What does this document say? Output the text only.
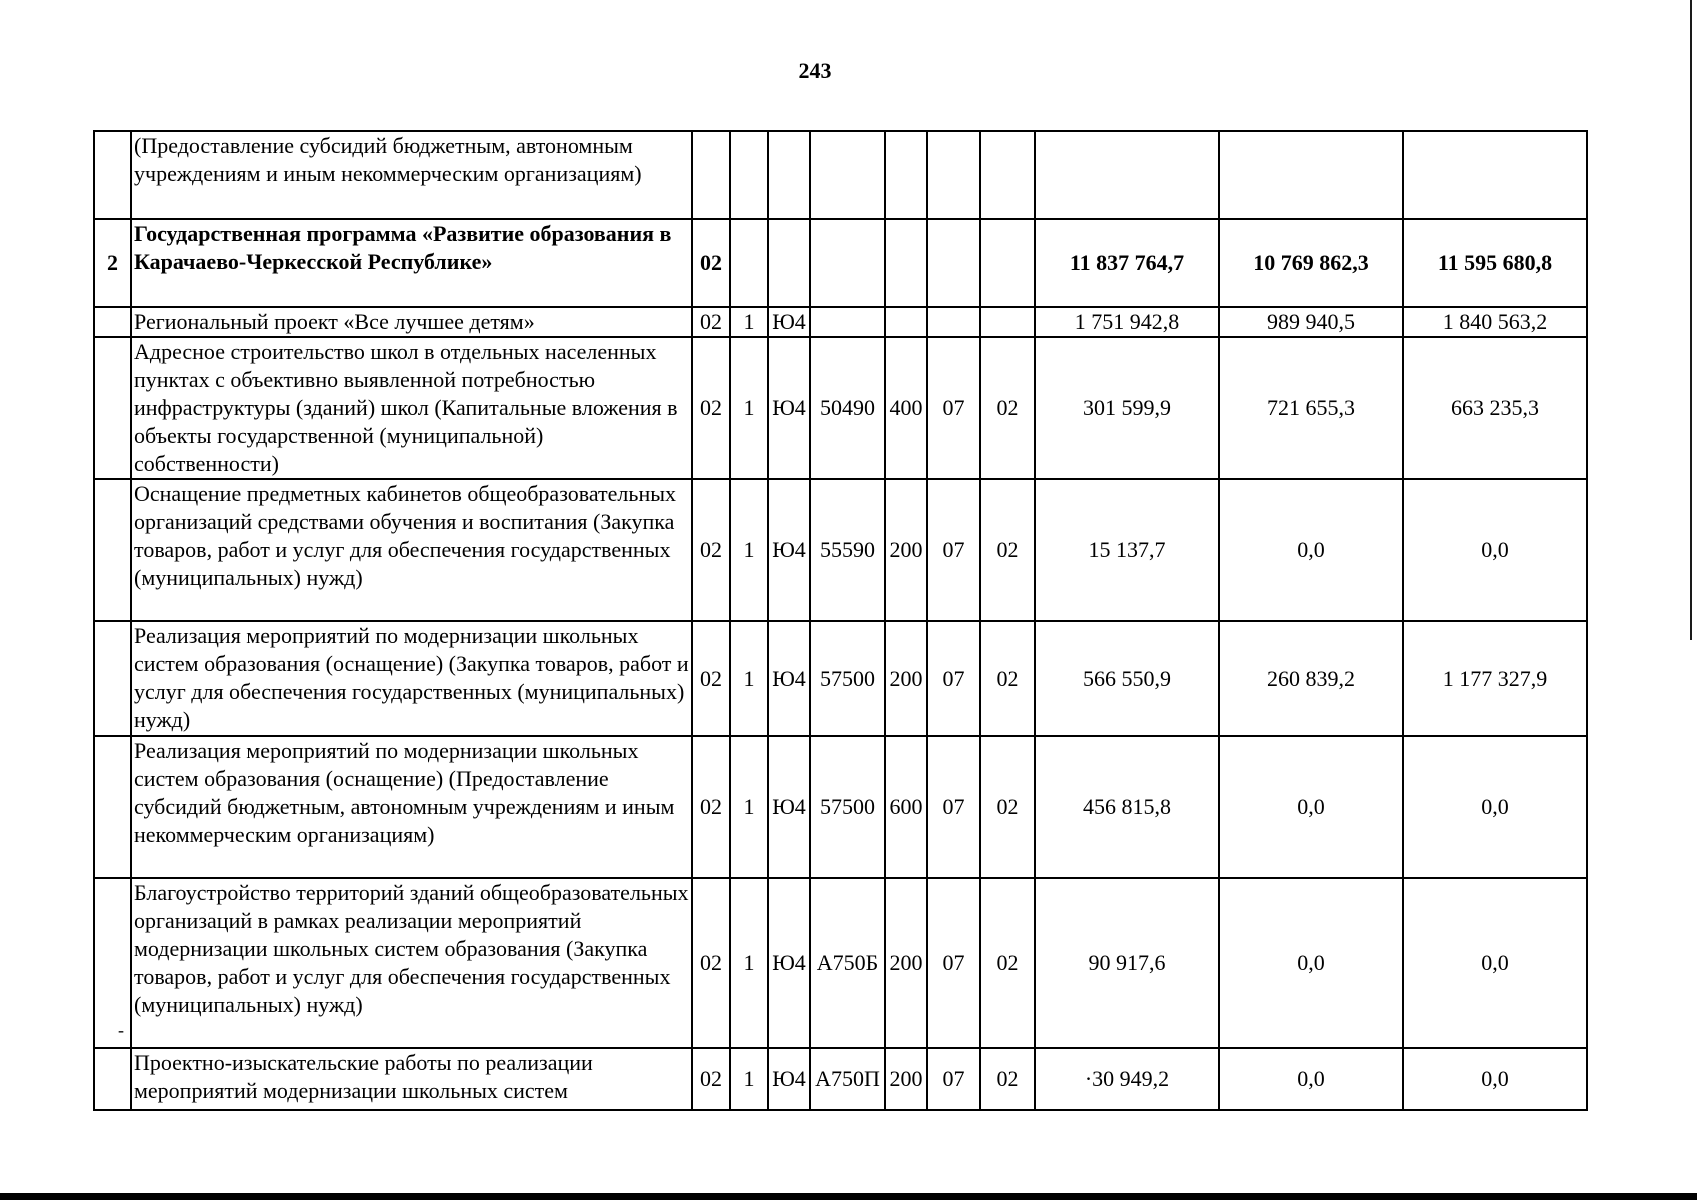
243
	(Предоставление субсидий бюджетным, автономным учреждениям и иным некоммерческим организациям)										
2	Государственная программа «Развитие образования в Карачаево-Черкесской Республике»	02							11 837 764,7	10 769 862,3	11 595 680,8
	Региональный проект «Все лучшее детям»	02	1	Ю4					1 751 942,8	989 940,5	1 840 563,2
	Адресное строительство школ в отдельных населенных пунктах с объективно выявленной потребностью инфраструктуры (зданий) школ (Капитальные вложения в объекты государственной (муниципальной) собственности)	02	1	Ю4	50490	400	07	02	301 599,9	721 655,3	663 235,3
	Оснащение предметных кабинетов общеобразовательных организаций средствами обучения и воспитания (Закупка товаров, работ и услуг для обеспечения государственных (муниципальных) нужд)	02	1	Ю4	55590	200	07	02	15 137,7	0,0	0,0
	Реализация мероприятий по модернизации школьных систем образования (оснащение) (Закупка товаров, работ и услуг для обеспечения государственных (муниципальных) нужд)	02	1	Ю4	57500	200	07	02	566 550,9	260 839,2	1 177 327,9
	Реализация мероприятий по модернизации школьных систем образования (оснащение) (Предоставление субсидий бюджетным, автономным учреждениям и иным некоммерческим организациям)	02	1	Ю4	57500	600	07	02	456 815,8	0,0	0,0
	Благоустройство территорий зданий общеобразовательных организаций в рамках реализации мероприятий модернизации школьных систем образования (Закупка товаров, работ и услуг для обеспечения государственных (муниципальных) нужд)	02	1	Ю4	А750Б	200	07	02	90 917,6	0,0	0,0
	Проектно-изыскательские работы по реализации мероприятий модернизации школьных систем	02	1	Ю4	А750П	200	07	02	·30 949,2	0,0	0,0
-
